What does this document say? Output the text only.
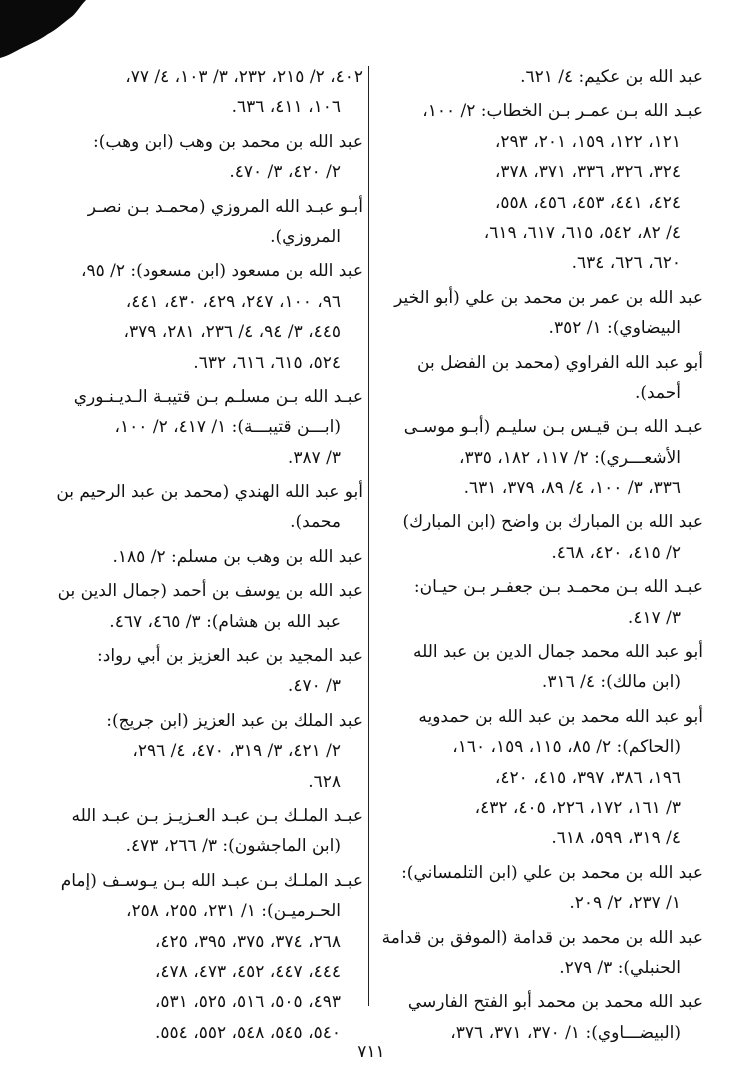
عبد الله بن عكيم: ٤/ ٦٢١.
عبـد الله بـن عمـر بـن الخطاب: ٢/ ١٠٠،
١٢١، ١٢٢، ١٥٩، ٢٠١، ٢٩٣،
٣٢٤، ٣٢٦، ٣٣٦، ٣٧١، ٣٧٨،
٤٢٤، ٤٤١، ٤٥٣، ٤٥٦، ٥٥٨،
٤/ ٨٢، ٥٤٢، ٦١٥، ٦١٧، ٦١٩،
٦٢٠، ٦٢٦، ٦٣٤.
عبد الله بن عمر بن محمد بن علي (أبو الخير
البيضاوي): ١/ ٣٥٢.
أبو عبد الله الفراوي (محمد بن الفضل بن
أحمد).
عبـد الله بـن قيـس بـن سليـم (أبـو موسـى
الأشعـــري): ٢/ ١١٧، ١٨٢، ٣٣٥،
٣٣٦، ٣/ ١٠٠، ٤/ ٨٩، ٣٧٩، ٦٣١.
عبد الله بن المبارك بن واضح (ابن المبارك)
٢/ ٤١٥، ٤٢٠، ٤٦٨.
عبـد الله بـن محمـد بـن جعفـر بـن حيـان:
٣/ ٤١٧.
أبو عبد الله محمد جمال الدين بن عبد الله
(ابن مالك): ٤/ ٣١٦.
أبو عبد الله محمد بن عبد الله بن حمدويه
(الحاكم): ٢/ ٨٥، ١١٥، ١٥٩، ١٦٠،
١٩٦، ٣٨٦، ٣٩٧، ٤١٥، ٤٢٠،
٣/ ١٦١، ١٧٢، ٢٢٦، ٤٠٥، ٤٣٢،
٤/ ٣١٩، ٥٩٩، ٦١٨.
عبد الله بن محمد بن علي (ابن التلمساني):
١/ ٢٣٧، ٢/ ٢٠٩.
عبد الله بن محمد بن قدامة (الموفق بن قدامة
الحنبلي): ٣/ ٢٧٩.
عبد الله محمد بن محمد أبو الفتح الفارسي
(البيضـــاوي): ١/ ٣٧٠، ٣٧١، ٣٧٦،
٤٠٢، ٢/ ٢١٥، ٢٣٢، ٣/ ١٠٣، ٤/ ٧٧،
١٠٦، ٤١١، ٦٣٦.
عبد الله بن محمد بن وهب (ابن وهب):
٢/ ٤٢٠، ٣/ ٤٧٠.
أبـو عبـد الله المروزي (محمـد بـن نصـر
المروزي).
عبد الله بن مسعود (ابن مسعود): ٢/ ٩٥،
٩٦، ١٠٠، ٢٤٧، ٤٢٩، ٤٣٠، ٤٤١،
٤٤٥، ٣/ ٩٤، ٤/ ٢٣٦، ٢٨١، ٣٧٩،
٥٢٤، ٦١٥، ٦١٦، ٦٣٢.
عبـد الله بـن مسلـم بـن قتيبـة الـديـنـوري
(ابـــن قتيبـــة): ١/ ٤١٧، ٢/ ١٠٠،
٣/ ٣٨٧.
أبو عبد الله الهندي (محمد بن عبد الرحيم بن
محمد).
عبد الله بن وهب بن مسلم: ٢/ ١٨٥.
عبد الله بن يوسف بن أحمد (جمال الدين بن
عبد الله بن هشام): ٣/ ٤٦٥، ٤٦٧.
عبد المجيد بن عبد العزيز بن أبي رواد:
٣/ ٤٧٠.
عبد الملك بن عبد العزيز (ابن جريج):
٢/ ٤٢١، ٣/ ٣١٩، ٤٧٠، ٤/ ٢٩٦،
٦٢٨.
عبـد الملـك بـن عبـد العـزيـز بـن عبـد الله
(ابن الماجشون): ٣/ ٢٦٦، ٤٧٣.
عبـد الملـك بـن عبـد الله بـن يـوسـف (إمام
الحـرميـن): ١/ ٢٣١، ٢٥٥، ٢٥٨،
٢٦٨، ٣٧٤، ٣٧٥، ٣٩٥، ٤٢٥،
٤٤٤، ٤٤٧، ٤٥٢، ٤٧٣، ٤٧٨،
٤٩٣، ٥٠٥، ٥١٦، ٥٢٥، ٥٣١،
٥٤٠، ٥٤٥، ٥٤٨، ٥٥٢، ٥٥٤.
٧١١
